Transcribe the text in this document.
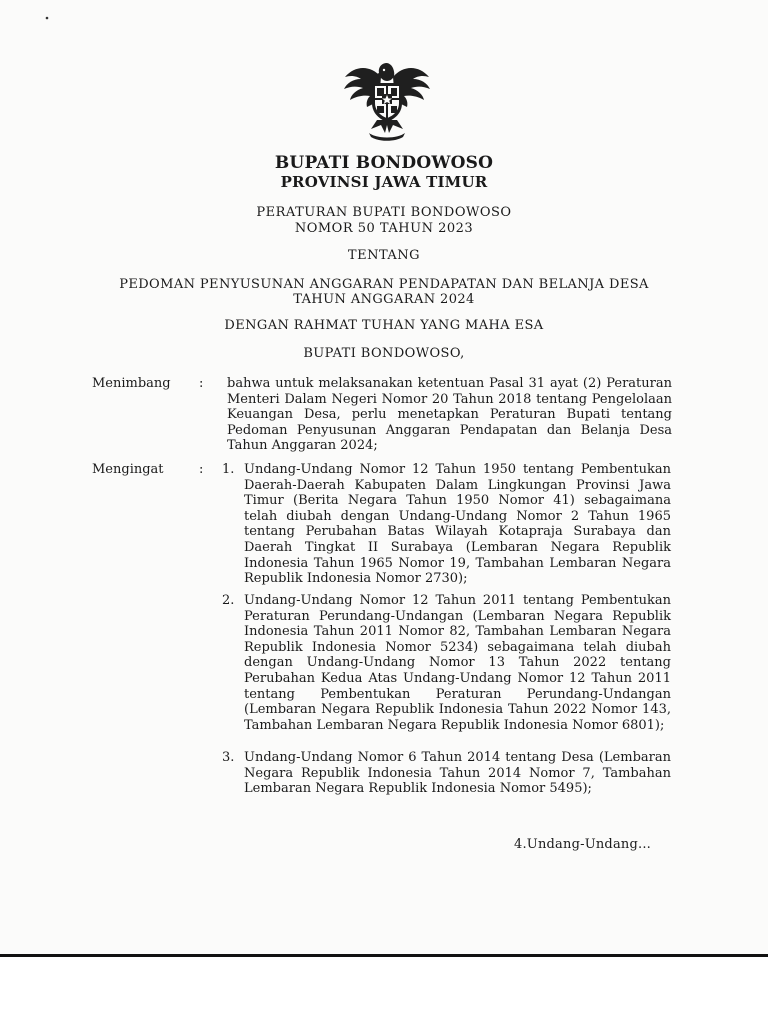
BUPATI BONDOWOSO
PROVINSI JAWA TIMUR
PERATURAN BUPATI BONDOWOSO
NOMOR 50 TAHUN 2023
TENTANG
PEDOMAN PENYUSUNAN ANGGARAN PENDAPATAN DAN BELANJA DESA
TAHUN ANGGARAN 2024
DENGAN RAHMAT TUHAN YANG MAHA ESA
BUPATI BONDOWOSO,
Menimbang : bahwa untuk melaksanakan ketentuan Pasal 31 ayat (2) Peraturan Menteri Dalam Negeri Nomor 20 Tahun 2018 tentang Pengelolaan Keuangan Desa, perlu menetapkan Peraturan Bupati tentang Pedoman Penyusunan Anggaran Pendapatan dan Belanja Desa Tahun Anggaran 2024;
Mengingat	: 1. Undang-Undang Nomor 12 Tahun 1950 tentang Pembentukan Daerah-Daerah Kabupaten Dalam Lingkungan Provinsi Jawa Timur (Berita Negara Tahun 1950 Nomor 41) sebagaimana telah diubah dengan Undang-Undang Nomor 2 Tahun 1965 tentang Perubahan Batas Wilayah Kotapraja Surabaya dan Daerah Tingkat II Surabaya (Lembaran Negara Republik Indonesia Tahun 1965 Nomor 19, Tambahan Lembaran Negara Republik Indonesia Nomor 2730);
2. Undang-Undang Nomor 12 Tahun 2011 tentang Pembentukan Peraturan Perundang-Undangan (Lembaran Negara Republik Indonesia Tahun 2011 Nomor 82, Tambahan Lembaran Negara Republik Indonesia Nomor 5234) sebagaimana telah diubah dengan Undang-Undang Nomor 13 Tahun 2022 tentang Perubahan Kedua Atas Undang-Undang Nomor 12 Tahun 2011 tentang Pembentukan Peraturan Perundang-Undangan (Lembaran Negara Republik Indonesia Tahun 2022 Nomor 143, Tambahan Lembaran Negara Republik Indonesia Nomor 6801);
3. Undang-Undang Nomor 6 Tahun 2014 tentang Desa (Lembaran Negara Republik Indonesia Tahun 2014 Nomor 7, Tambahan Lembaran Negara Republik Indonesia Nomor 5495);
4.Undang-Undang...
